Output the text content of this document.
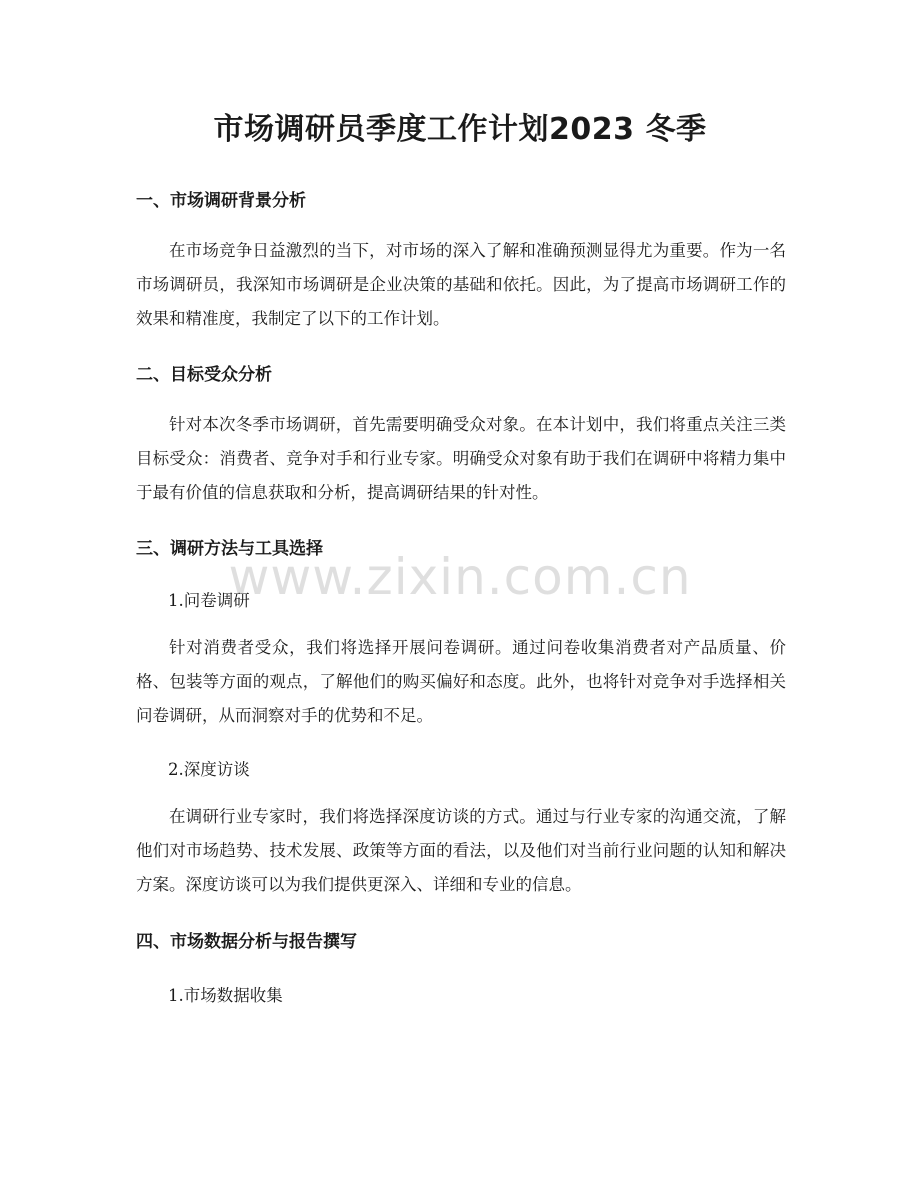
市场调研员季度工作计划2023 冬季
一、市场调研背景分析

在市场竞争日益激烈的当下，对市场的深入了解和准确预测显得尤为重要。作为一名市场调研员，我深知市场调研是企业决策的基础和依托。因此，为了提高市场调研工作的效果和精准度，我制定了以下的工作计划。

二、目标受众分析

针对本次冬季市场调研，首先需要明确受众对象。在本计划中，我们将重点关注三类目标受众：消费者、竞争对手和行业专家。明确受众对象有助于我们在调研中将精力集中于最有价值的信息获取和分析，提高调研结果的针对性。

三、调研方法与工具选择
1.问卷调研

针对消费者受众，我们将选择开展问卷调研。通过问卷收集消费者对产品质量、价格、包装等方面的观点，了解他们的购买偏好和态度。此外，也将针对竞争对手选择相关问卷调研，从而洞察对手的优势和不足。

2.深度访谈

在调研行业专家时，我们将选择深度访谈的方式。通过与行业专家的沟通交流，了解他们对市场趋势、技术发展、政策等方面的看法，以及他们对当前行业问题的认知和解决方案。深度访谈可以为我们提供更深入、详细和专业的信息。

四、市场数据分析与报告撰写
1.市场数据收集
www.zixin.com.cn
